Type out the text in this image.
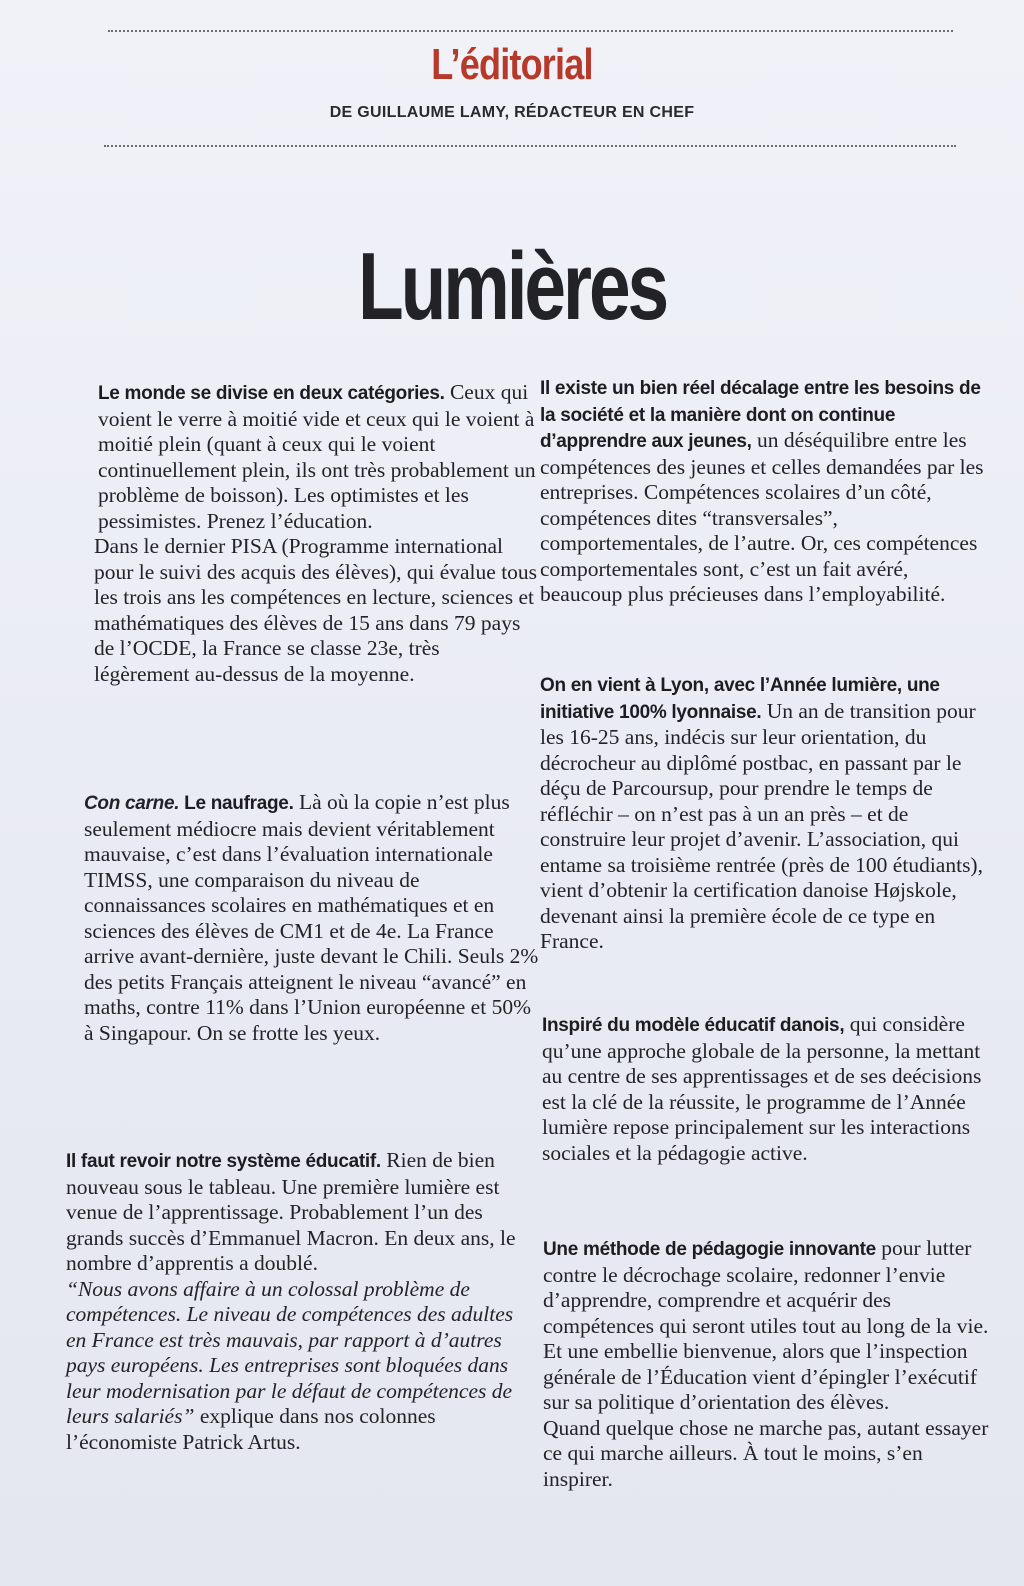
L’éditorial
DE GUILLAUME LAMY, RÉDACTEUR EN CHEF
Lumières

Le monde se divise en deux catégories. Ceux qui voient le verre à moitié vide et ceux qui le voient à moitié plein (quant à ceux qui le voient continuellement plein, ils ont très probablement un problème de boisson). Les optimistes et les pessimistes. Prenez l’éducation.

Dans le dernier PISA (Programme international pour le suivi des acquis des élèves), qui évalue tous les trois ans les compétences en lecture, sciences et mathématiques des élèves de 15 ans dans 79 pays de l’OCDE, la France se classe 23e, très légèrement au-dessus de la moyenne.

Con carne. Le naufrage. Là où la copie n’est plus seulement médiocre mais devient véritablement mauvaise, c’est dans l’évaluation internationale TIMSS, une comparaison du niveau de connaissances scolaires en mathématiques et en sciences des élèves de CM1 et de 4e. La France arrive avant-dernière, juste devant le Chili. Seuls 2% des petits Français atteignent le niveau “avancé” en maths, contre 11% dans l’Union européenne et 50% à Singapour. On se frotte les yeux.

Il faut revoir notre système éducatif. Rien de bien nouveau sous le tableau. Une première lumière est venue de l’apprentissage. Probablement l’un des grands succès d’Emmanuel Macron. En deux ans, le nombre d’apprentis a doublé.

“Nous avons affaire à un colossal problème de compétences. Le niveau de compétences des adultes en France est très mauvais, par rapport à d’autres pays européens. Les entreprises sont bloquées dans leur modernisation par le défaut de compétences de leurs salariés” explique dans nos colonnes l’économiste Patrick Artus.

Il existe un bien réel décalage entre les besoins de la société et la manière dont on continue d’apprendre aux jeunes, un déséquilibre entre les compétences des jeunes et celles demandées par les entreprises. Compétences scolaires d’un côté, compétences dites “transversales”, comportementales, de l’autre. Or, ces compétences comportementales sont, c’est un fait avéré, beaucoup plus précieuses dans l’employabilité.

On en vient à Lyon, avec l’Année lumière, une initiative 100% lyonnaise. Un an de transition pour les 16-25 ans, indécis sur leur orientation, du décrocheur au diplômé postbac, en passant par le déçu de Parcoursup, pour prendre le temps de réfléchir – on n’est pas à un an près – et de construire leur projet d’avenir. L’association, qui entame sa troisième rentrée (près de 100 étudiants), vient d’obtenir la certification danoise Højskole, devenant ainsi la première école de ce type en France.

Inspiré du modèle éducatif danois, qui considère qu’une approche globale de la personne, la mettant au centre de ses apprentissages et de ses deécisions est la clé de la réussite, le programme de l’Année lumière repose principalement sur les interactions sociales et la pédagogie active.

Une méthode de pédagogie innovante pour lutter contre le décrochage scolaire, redonner l’envie d’apprendre, comprendre et acquérir des compétences qui seront utiles tout au long de la vie. Et une embellie bienvenue, alors que l’inspection générale de l’Éducation vient d’épingler l’exécutif sur sa politique d’orientation des élèves.

Quand quelque chose ne marche pas, autant essayer ce qui marche ailleurs. À tout le moins, s’en inspirer.
